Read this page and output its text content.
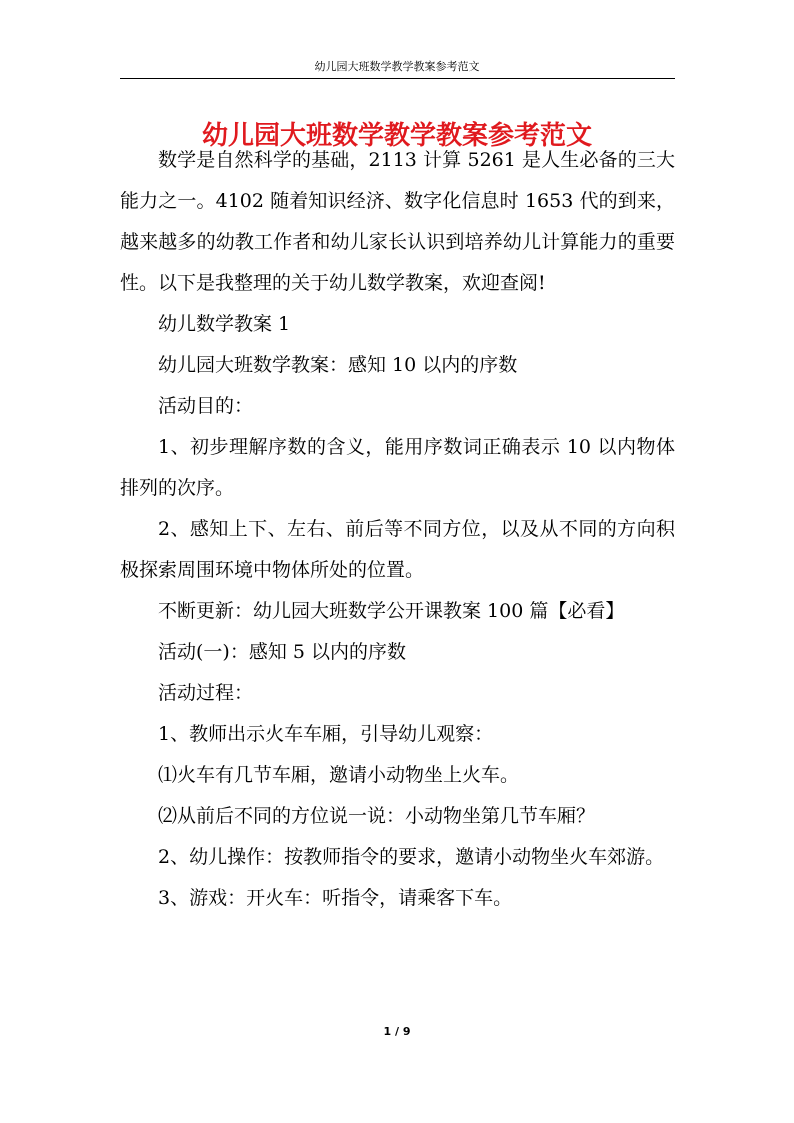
幼儿园大班数学教学教案参考范文
幼儿园大班数学教学教案参考范文

数学是自然科学的基础，2113 计算 5261 是人生必备的三大能力之一。4102 随着知识经济、数字化信息时 1653 代的到来，越来越多的幼教工作者和幼儿家长认识到培养幼儿计算能力的重要性。以下是我整理的关于幼儿数学教案，欢迎查阅!

幼儿数学教案 1

幼儿园大班数学教案：感知 10 以内的序数

活动目的：

1、初步理解序数的含义，能用序数词正确表示 10 以内物体排列的次序。

2、感知上下、左右、前后等不同方位，以及从不同的方向积极探索周围环境中物体所处的位置。

不断更新：幼儿园大班数学公开课教案 100 篇【必看】

活动(一)：感知 5 以内的序数

活动过程：

1、教师出示火车车厢，引导幼儿观察：

⑴火车有几节车厢，邀请小动物坐上火车。

⑵从前后不同的方位说一说：小动物坐第几节车厢？

2、幼儿操作：按教师指令的要求，邀请小动物坐火车郊游。

3、游戏：开火车：听指令，请乘客下车。

1 / 9
